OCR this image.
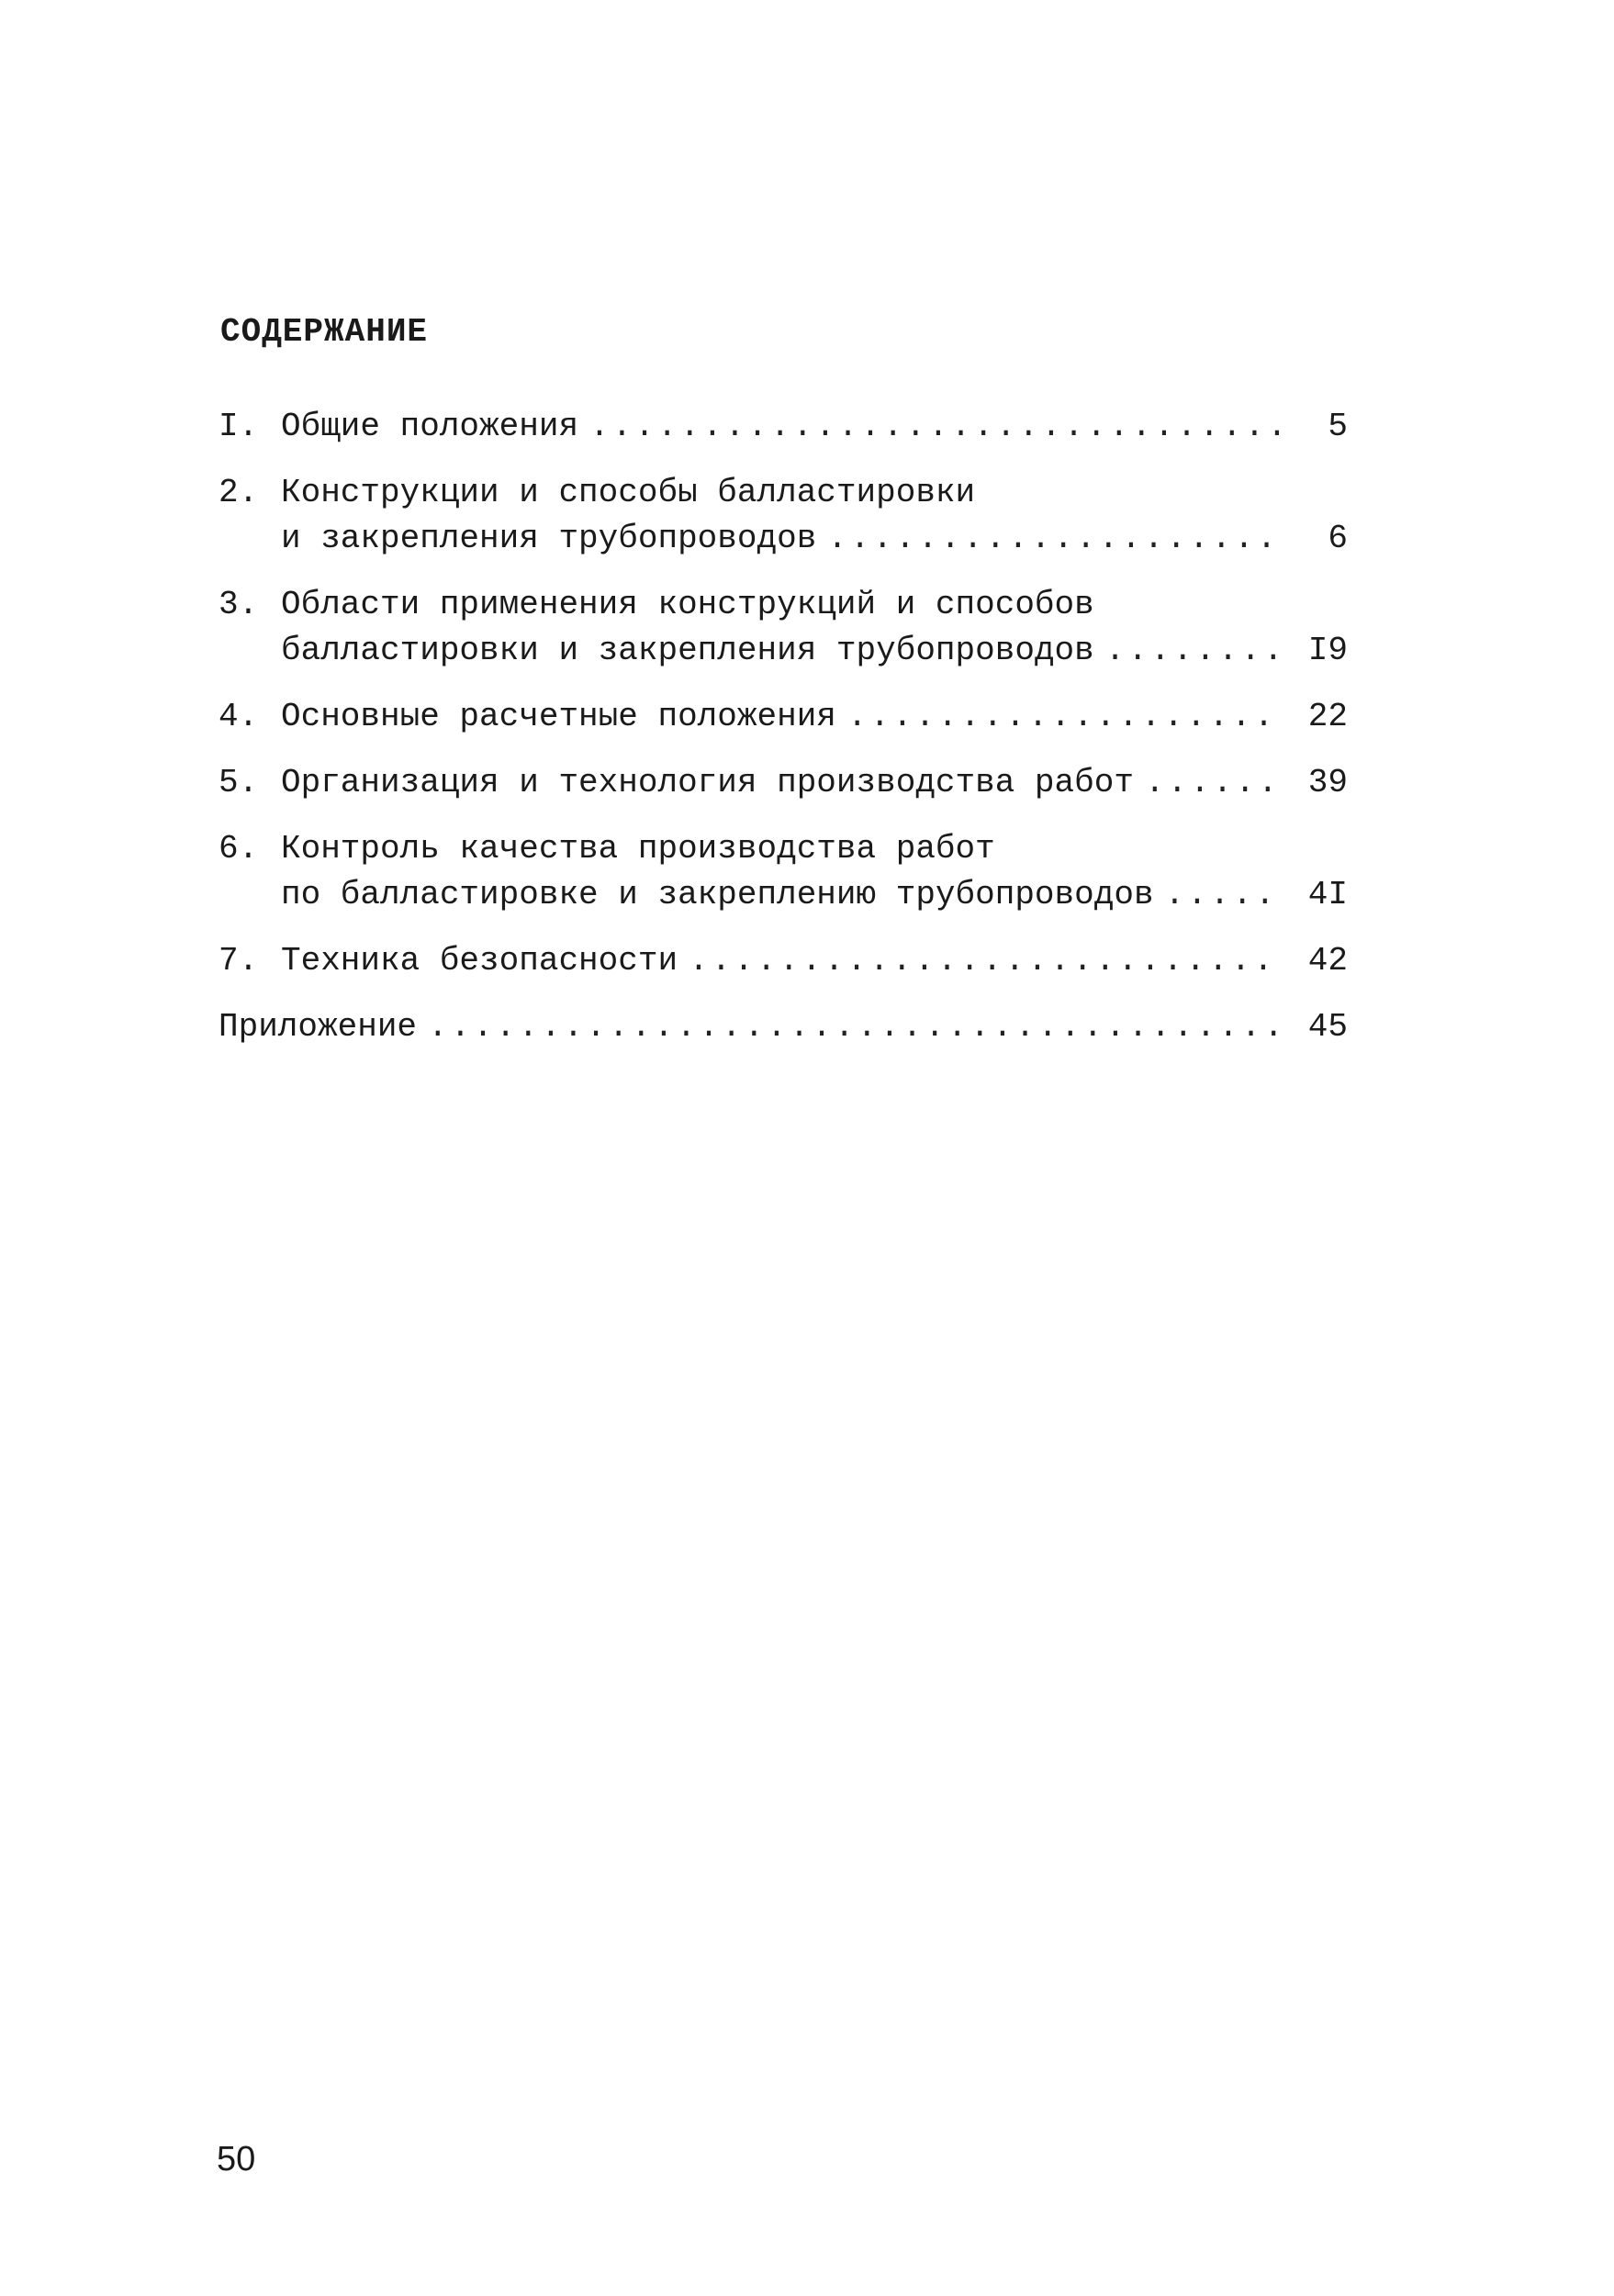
СОДЕРЖАНИЕ
I. Общие положения .....	5
2. Конструкции и способы балластировки
и закрепления трубопроводов .....	6
3. Области применения конструкций и способов
балластировки и закрепления трубопроводов .....	I9
4. Основные расчетные положения .....	22
5. Организация и технология производства работ .....	39
6. Контроль качества производства работ
по балластировке и закреплению трубопроводов .....	4I
7. Техника безопасности .....	42
Приложение .....	45
50
